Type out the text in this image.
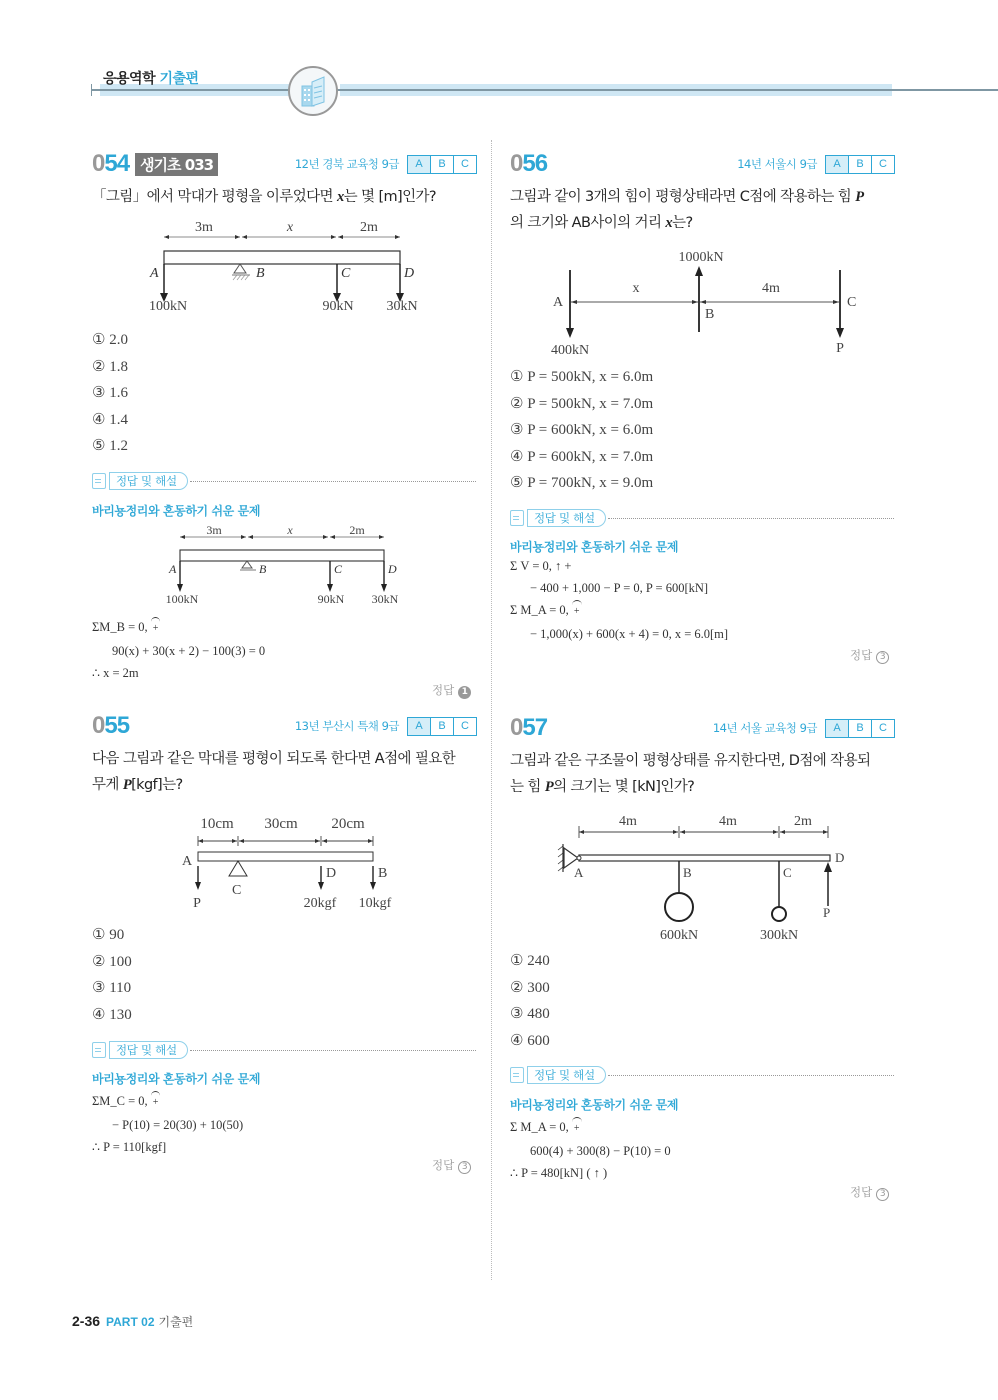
응용역학 기출편
054 생기초 033	12년 경북 교육청 9급	A	B	C
「그림」에서 막대가 평형을 이루었다면 x는 몇 [m]인가?
3m	x	2m
A	B	C	D
100kN	90kN 30kN
① 2.0
② 1.8
③ 1.6
④ 1.4
⑤ 1.2
정답 및 해설
바리뇽정리와 혼동하기 쉬운 문제
3m	x	2m
A	B	C	D
100kN	90kN 30kN
ΣM_B = 0, +
90(x) + 30(x + 2) − 100(3) = 0
∴ x = 2m
정답 1
055	13년 부산시 특채 9급	A	B	C
다음 그림과 같은 막대를 평형이 되도록 한다면 A점에 필요한
무게 P[kgf]는?
10cm 30cm 20cm
A
C
D	B
P	20kgf 10kgf
① 90
② 100
③ 110
④ 130
정답 및 해설
바리뇽정리와 혼동하기 쉬운 문제
ΣM_C = 0, +
− P(10) = 20(30) + 10(50)
∴ P = 110[kgf]
정답 3
056	14년 서울시 9급	A	B	C
그림과 같이 3개의 힘이 평형상태라면 C점에 작용하는 힘 P
의 크기와 AB사이의 거리 x는?
1000kN
x	4m
A
B
C
400kN	P
① P = 500kN, x = 6.0m
② P = 500kN, x = 7.0m
③ P = 600kN, x = 6.0m
④ P = 600kN, x = 7.0m
⑤ P = 700kN, x = 9.0m
정답 및 해설
바리뇽정리와 혼동하기 쉬운 문제
Σ V = 0, ↑ +
− 400 + 1,000 − P = 0, P = 600[kN]
Σ M_A = 0, +
− 1,000(x) + 600(x + 4) = 0, x = 6.0[m]
정답 3
057	14년 서울 교육청 9급	A	B	C
그림과 같은 구조물이 평형상태를 유지한다면, D점에 작용되
는 힘 P의 크기는 몇 [kN]인가?
4m	4m	2m
A	B	C
D
P
600kN	300kN
① 240
② 300
③ 480
④ 600
정답 및 해설
바리뇽정리와 혼동하기 쉬운 문제
Σ M_A = 0, +
600(4) + 300(8) − P(10) = 0
∴ P = 480[kN] ( ↑ )
정답 3
2-36 PART 02 기출편
